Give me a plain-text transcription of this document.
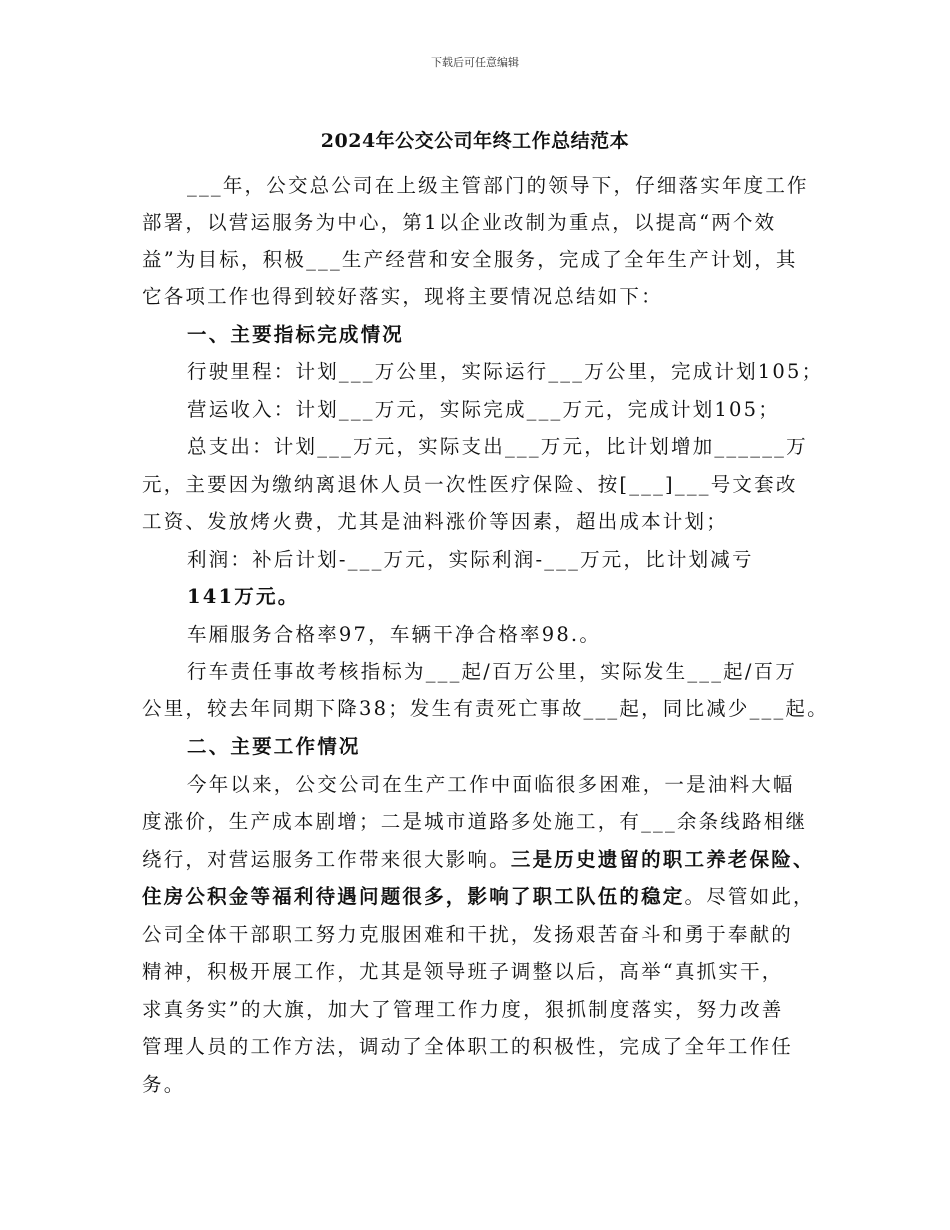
下载后可任意编辑
2024年公交公司年终工作总结范本
___年，公交总公司在上级主管部门的领导下，仔细落实年度工作
部署，以营运服务为中心，第1以企业改制为重点，以提高“两个效
益”为目标，积极___生产经营和安全服务，完成了全年生产计划，其
它各项工作也得到较好落实，现将主要情况总结如下：
一、主要指标完成情况
行驶里程：计划___万公里，实际运行___万公里，完成计划105；
营运收入：计划___万元，实际完成___万元，完成计划105；
总支出：计划___万元，实际支出___万元，比计划增加______万
元，主要因为缴纳离退休人员一次性医疗保险、按[___]___号文套改
工资、发放烤火费，尤其是油料涨价等因素，超出成本计划；
利润：补后计划-___万元，实际利润-___万元，比计划减亏
141万元。
车厢服务合格率97，车辆干净合格率98.。
行车责任事故考核指标为___起/百万公里，实际发生___起/百万
公里，较去年同期下降38；发生有责死亡事故___起，同比减少___起。
二、主要工作情况
今年以来，公交公司在生产工作中面临很多困难，一是油料大幅
度涨价，生产成本剧增；二是城市道路多处施工，有___余条线路相继
绕行，对营运服务工作带来很大影响。三是历史遗留的职工养老保险、
住房公积金等福利待遇问题很多，影响了职工队伍的稳定。尽管如此，
公司全体干部职工努力克服困难和干扰，发扬艰苦奋斗和勇于奉献的
精神，积极开展工作，尤其是领导班子调整以后，高举“真抓实干，
求真务实”的大旗，加大了管理工作力度，狠抓制度落实，努力改善
管理人员的工作方法，调动了全体职工的积极性，完成了全年工作任
务。
